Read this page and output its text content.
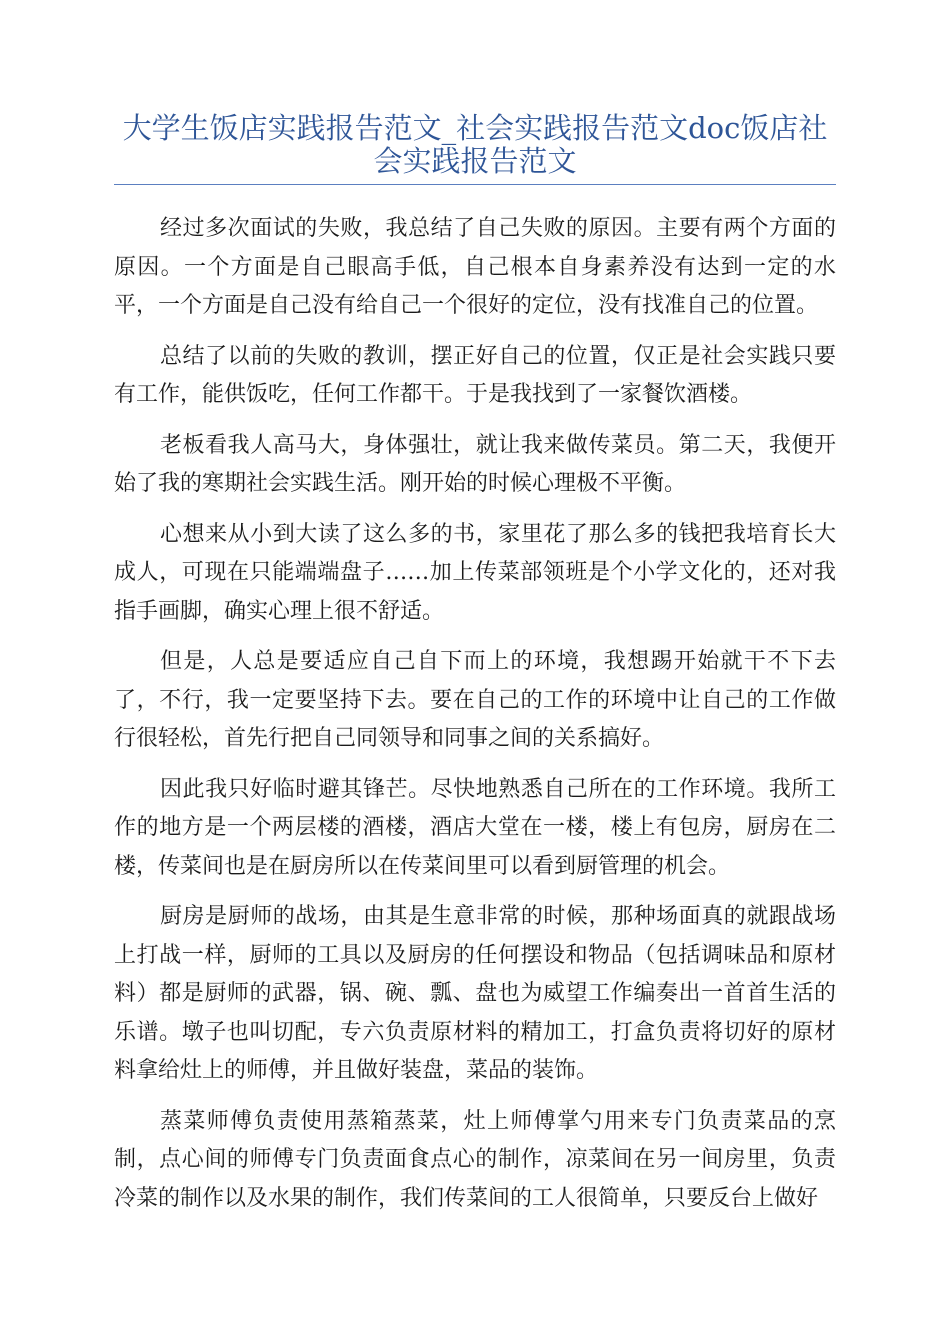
大学生饭店实践报告范文_社会实践报告范文doc饭店社会实践报告范文

经过多次面试的失败，我总结了自己失败的原因。主要有两个方面的原因。一个方面是自己眼高手低，自己根本自身素养没有达到一定的水平，一个方面是自己没有给自己一个很好的定位，没有找准自己的位置。

总结了以前的失败的教训，摆正好自己的位置，仅正是社会实践只要有工作，能供饭吃，任何工作都干。于是我找到了一家餐饮酒楼。

老板看我人高马大，身体强壮，就让我来做传菜员。第二天，我便开始了我的寒期社会实践生活。刚开始的时候心理极不平衡。

心想来从小到大读了这么多的书，家里花了那么多的钱把我培育长大成人，可现在只能端端盘子……加上传菜部领班是个小学文化的，还对我指手画脚，确实心理上很不舒适。

但是，人总是要适应自己自下而上的环境，我想踢开始就干不下去了，不行，我一定要坚持下去。要在自己的工作的环境中让自己的工作做行很轻松，首先行把自己同领导和同事之间的关系搞好。

因此我只好临时避其锋芒。尽快地熟悉自己所在的工作环境。我所工作的地方是一个两层楼的酒楼，酒店大堂在一楼，楼上有包房，厨房在二楼，传菜间也是在厨房所以在传菜间里可以看到厨管理的机会。

厨房是厨师的战场，由其是生意非常的时候，那种场面真的就跟战场上打战一样，厨师的工具以及厨房的任何摆设和物品（包括调味品和原材料）都是厨师的武器，锅、碗、瓢、盘也为威望工作编奏出一首首生活的乐谱。墩子也叫切配，专六负责原材料的精加工，打盒负责将切好的原材料拿给灶上的师傅，并且做好装盘，菜品的装饰。

蒸菜师傅负责使用蒸箱蒸菜，灶上师傅掌勺用来专门负责菜品的烹制，点心间的师傅专门负责面食点心的制作，凉菜间在另一间房里，负责冷菜的制作以及水果的制作，我们传菜间的工人很简单，只要反台上做好
